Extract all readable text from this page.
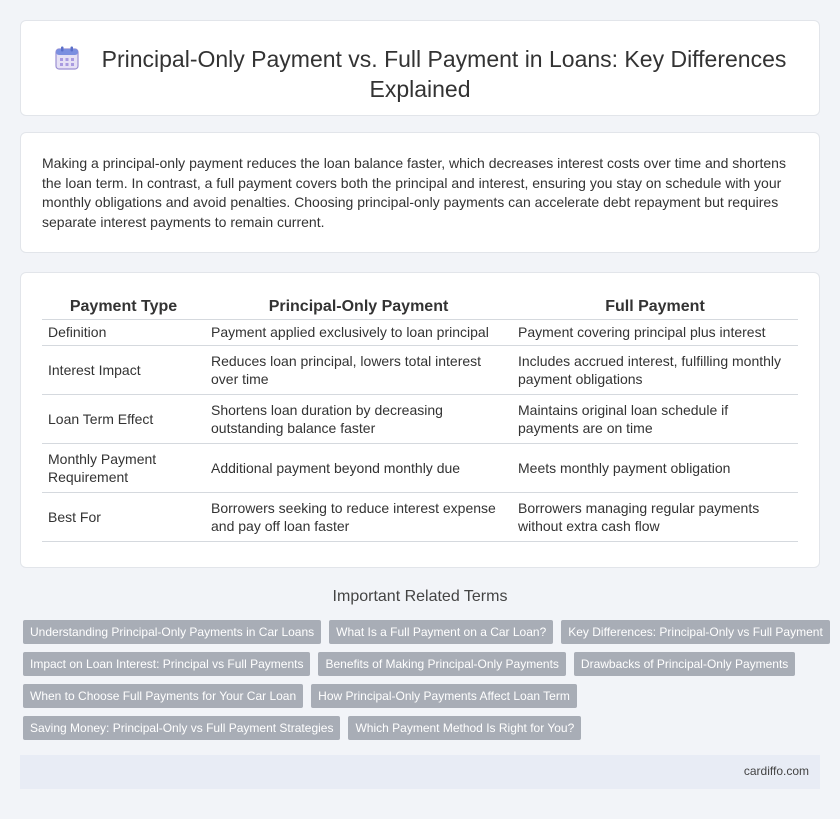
Principal-Only Payment vs. Full Payment in Loans: Key Differences Explained

Making a principal-only payment reduces the loan balance faster, which decreases interest costs over time and shortens the loan term. In contrast, a full payment covers both the principal and interest, ensuring you stay on schedule with your monthly obligations and avoid penalties. Choosing principal-only payments can accelerate debt repayment but requires separate interest payments to remain current.

Payment Type	Principal-Only Payment	Full Payment
Definition	Payment applied exclusively to loan principal	Payment covering principal plus interest
Interest Impact	Reduces loan principal, lowers total interest over time	Includes accrued interest, fulfilling monthly payment obligations
Loan Term Effect	Shortens loan duration by decreasing outstanding balance faster	Maintains original loan schedule if payments are on time
Monthly Payment Requirement	Additional payment beyond monthly due	Meets monthly payment obligation
Best For	Borrowers seeking to reduce interest expense and pay off loan faster	Borrowers managing regular payments without extra cash flow
Important Related Terms
Understanding Principal-Only Payments in Car Loans	What Is a Full Payment on a Car Loan?	Key Differences: Principal-Only vs Full Payment
Impact on Loan Interest: Principal vs Full Payments	Benefits of Making Principal-Only Payments	Drawbacks of Principal-Only Payments
When to Choose Full Payments for Your Car Loan	How Principal-Only Payments Affect Loan Term
Saving Money: Principal-Only vs Full Payment Strategies	Which Payment Method Is Right for You?
cardiffo.com
